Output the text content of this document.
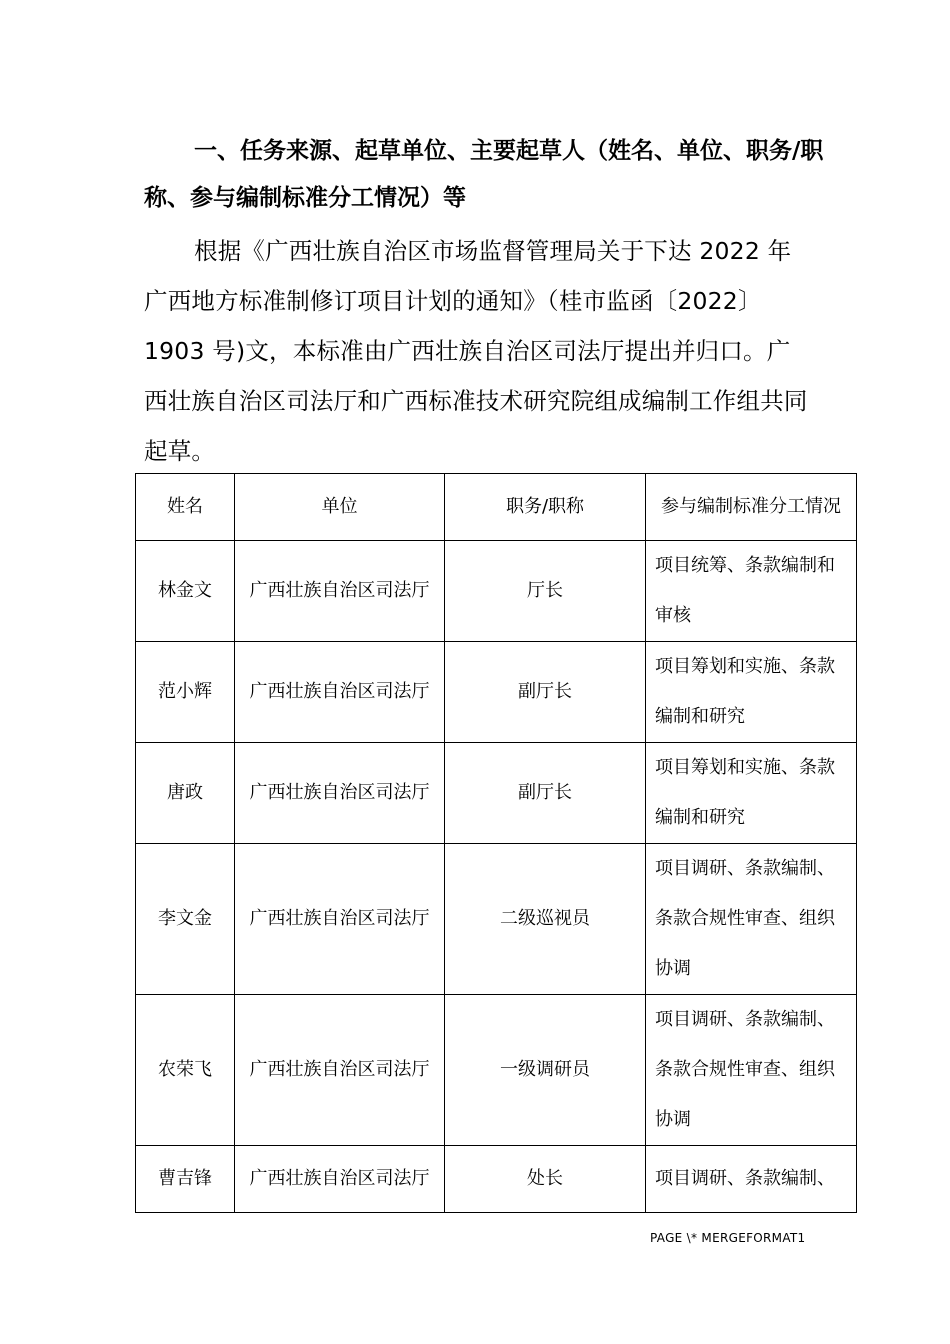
一、任务来源、起草单位、主要起草人（姓名、单位、职务/职称、参与编制标准分工情况）等

根据《广西壮族自治区市场监督管理局关于下达 2022 年广西地方标准制修订项目计划的通知》（桂市监函〔2022〕1903 号)文，本标准由广西壮族自治区司法厅提出并归口。广西壮族自治区司法厅和广西标准技术研究院组成编制工作组共同起草。

姓名	单位	职务/职称	参与编制标准分工情况
林金文	广西壮族自治区司法厅	厅长	项目统筹、条款编制和审核
范小辉	广西壮族自治区司法厅	副厅长	项目筹划和实施、条款编制和研究
唐政	广西壮族自治区司法厅	副厅长	项目筹划和实施、条款编制和研究
李文金	广西壮族自治区司法厅	二级巡视员	项目调研、条款编制、条款合规性审查、组织协调
农荣飞	广西壮族自治区司法厅	一级调研员	项目调研、条款编制、条款合规性审查、组织协调
曹吉锋	广西壮族自治区司法厅	处长	项目调研、条款编制、
PAGE \* MERGEFORMAT1
